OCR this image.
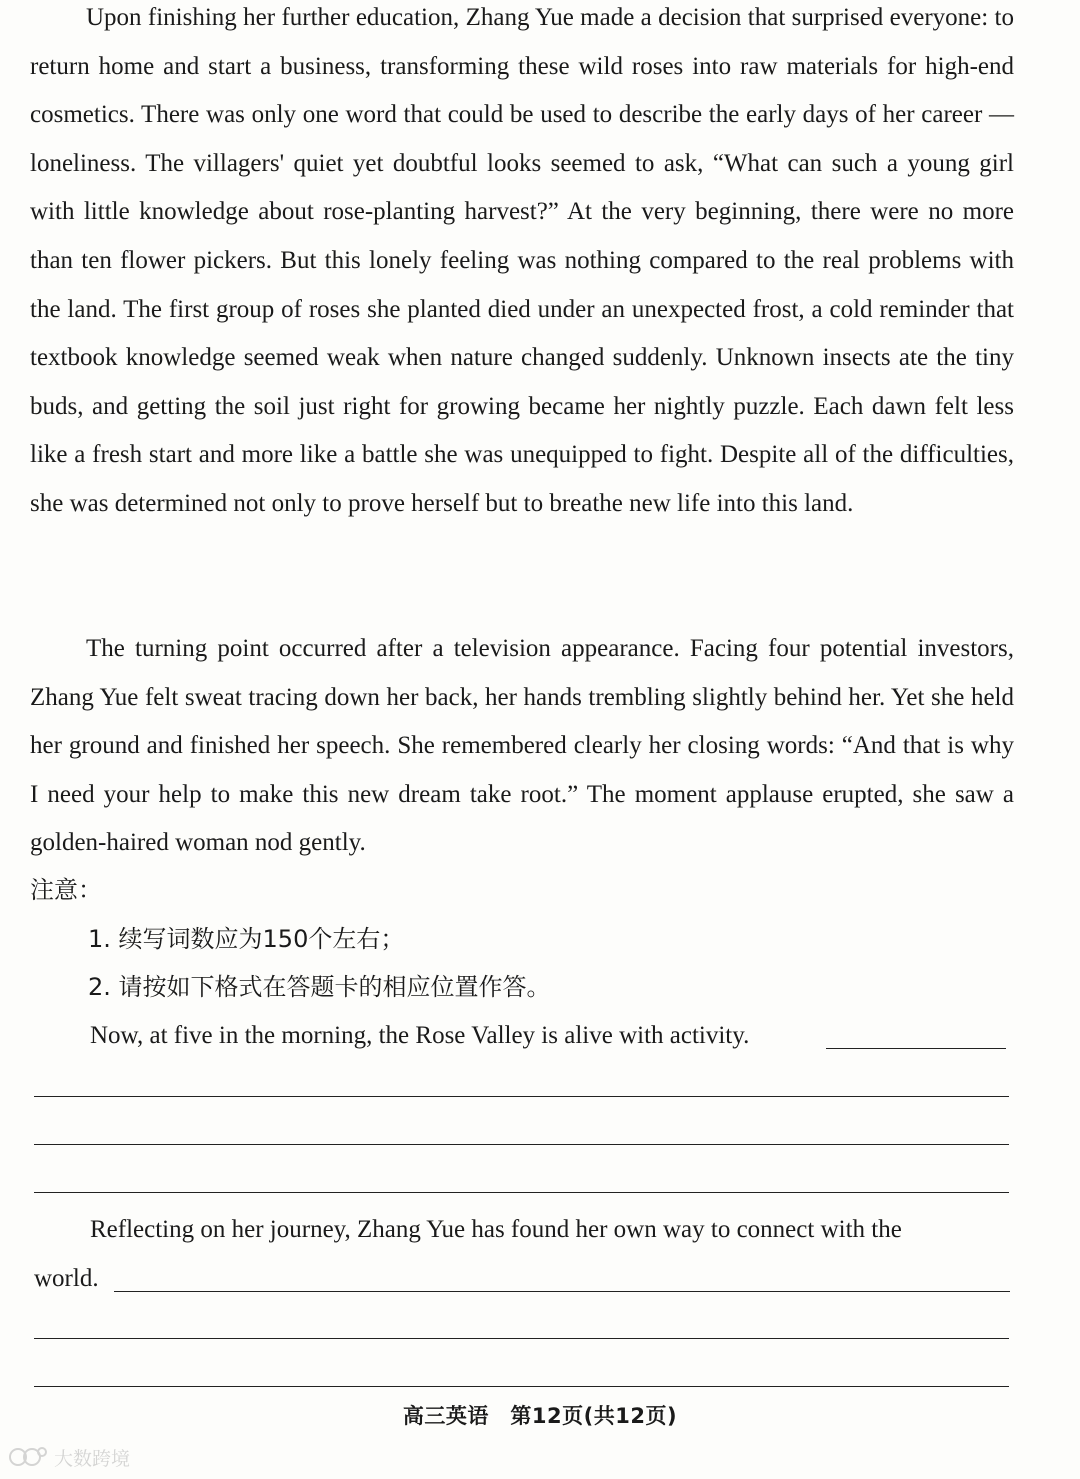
Upon finishing her further education, Zhang Yue made a decision that surprised everyone: to return home and start a business, transforming these wild roses into raw materials for high-end cosmetics. There was only one word that could be used to describe the early days of her career — loneliness. The villagers' quiet yet doubtful looks seemed to ask, “What can such a young girl with little knowledge about rose-planting harvest?” At the very beginning, there were no more than ten flower pickers. But this lonely feeling was nothing compared to the real problems with the land. The first group of roses she planted died under an unexpected frost, a cold reminder that textbook knowledge seemed weak when nature changed suddenly. Unknown insects ate the tiny buds, and getting the soil just right for growing became her nightly puzzle. Each dawn felt less like a fresh start and more like a battle she was unequipped to fight. Despite all of the difficulties, she was determined not only to prove herself but to breathe new life into this land.

The turning point occurred after a television appearance. Facing four potential investors, Zhang Yue felt sweat tracing down her back, her hands trembling slightly behind her. Yet she held her ground and finished her speech. She remembered clearly her closing words: “And that is why I need your help to make this new dream take root.” The moment applause erupted, she saw a golden-haired woman nod gently.

注意：
1. 续写词数应为150个左右；
2. 请按如下格式在答题卡的相应位置作答。

Now, at five in the morning, the Rose Valley is alive with activity.

Reflecting on her journey, Zhang Yue has found her own way to connect with the

world.

高三英语　第12页(共12页)
大数跨境
